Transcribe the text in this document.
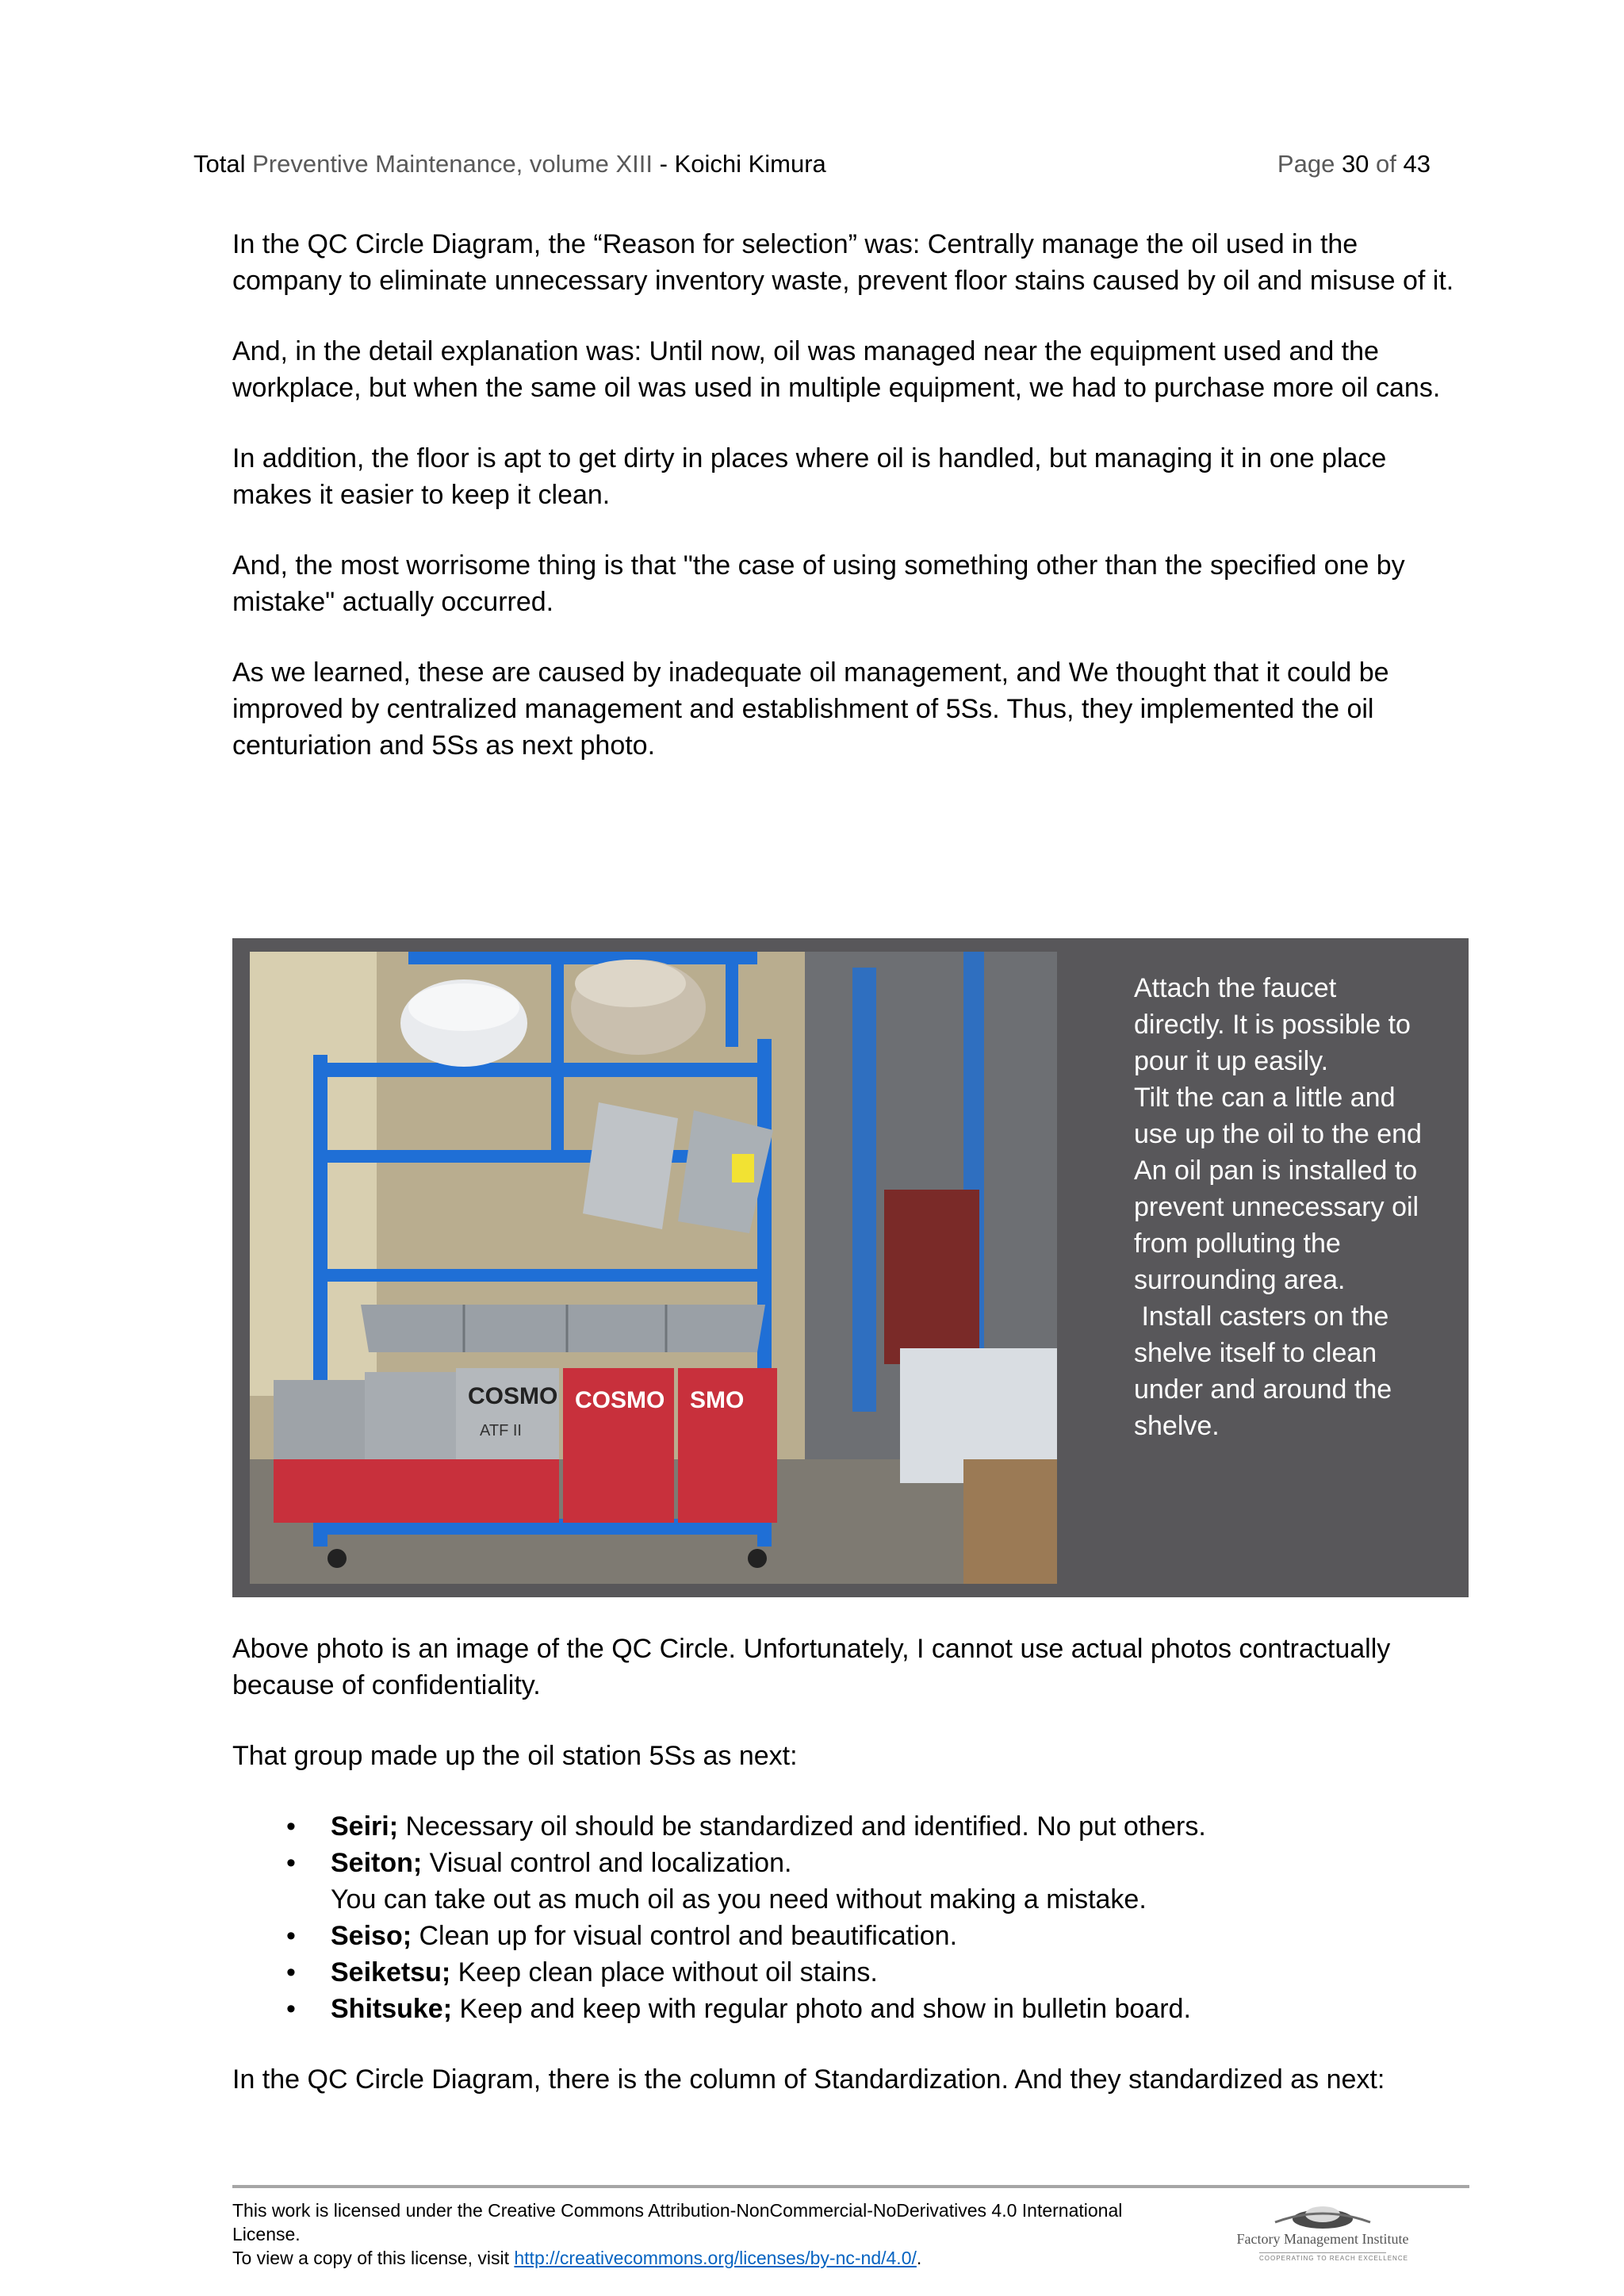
Total Preventive Maintenance, volume XIII - Koichi Kimura	Page 30 of 43

In the QC Circle Diagram, the “Reason for selection” was: Centrally manage the oil used in the company to eliminate unnecessary inventory waste, prevent floor stains caused by oil and misuse of it.

And, in the detail explanation was: Until now, oil was managed near the equipment used and the workplace, but when the same oil was used in multiple equipment, we had to purchase more oil cans.

In addition, the floor is apt to get dirty in places where oil is handled, but managing it in one place makes it easier to keep it clean.

And, the most worrisome thing is that "the case of using something other than the specified one by mistake" actually occurred.

As we learned, these are caused by inadequate oil management, and We thought that it could be improved by centralized management and establishment of 5Ss. Thus, they implemented the oil centuriation and 5Ss as next photo.

COSMO
ATF II
COSMO SMO
Attach the faucet
directly. It is possible to
pour it up easily.
Tilt the can a little and
use up the oil to the end
An oil pan is installed to
prevent unnecessary oil
from polluting the
surrounding area.
Install casters on the
shelve itself to clean
under and around the
shelve.

Above photo is an image of the QC Circle. Unfortunately, I cannot use actual photos contractually because of confidentiality.

That group made up the oil station 5Ss as next:

• Seiri; Necessary oil should be standardized and identified. No put others.
• Seiton; Visual control and localization.
You can take out as much oil as you need without making a mistake.
• Seiso; Clean up for visual control and beautification.
• Seiketsu; Keep clean place without oil stains.
• Shitsuke; Keep and keep with regular photo and show in bulletin board.

In the QC Circle Diagram, there is the column of Standardization. And they standardized as next:

This work is licensed under the Creative Commons Attribution-NonCommercial-NoDerivatives 4.0 International License.
To view a copy of this license, visit http://creativecommons.org/licenses/by-nc-nd/4.0/.
Factory Management Institute
COOPERATING TO REACH EXCELLENCE
